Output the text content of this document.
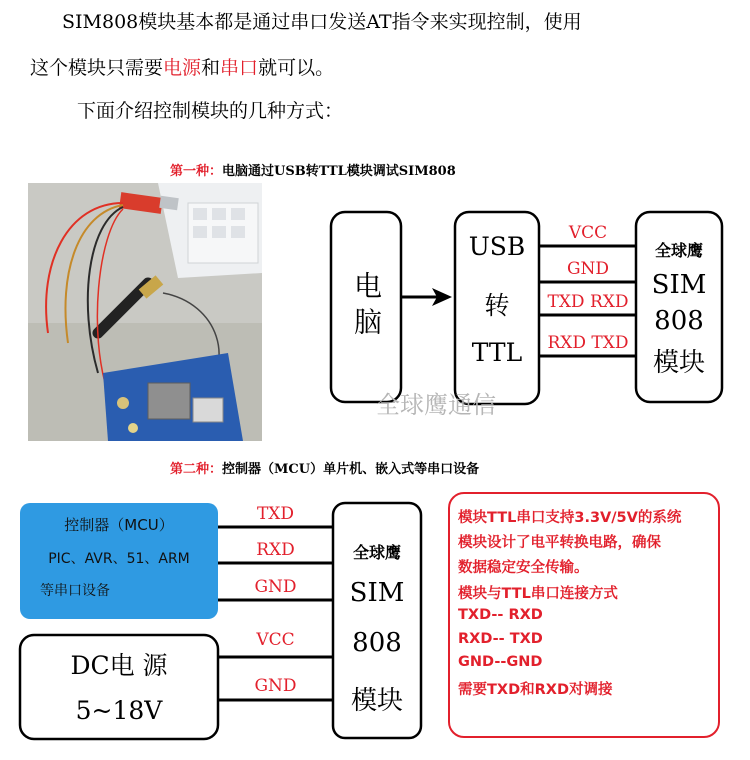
SIM808模块基本都是通过串口发送AT指令来实现控制，使用
这个模块只需要电源和串口就可以。
下面介绍控制模块的几种方式：
第一种：电脑通过USB转TTL模块调试SIM808
电脑
USB
转
TTL
全球鹰
SIM
808
模块
VCC
GND
TXD RXD
RXD TXD
全球鹰通信
第二种：控制器（MCU）单片机、嵌入式等串口设备
控制器（MCU）
PIC、AVR、51、ARM
等串口设备
DC电 源
5~18V
全球鹰
SIM
808
模块
TXD
RXD
GND
VCC
GND
模块TTL串口支持3.3V/5V的系统
模块设计了电平转换电路，确保
数据稳定安全传输。
模块与TTL串口连接方式
TXD-- RXD
RXD-- TXD
GND--GND
需要TXD和RXD对调接
